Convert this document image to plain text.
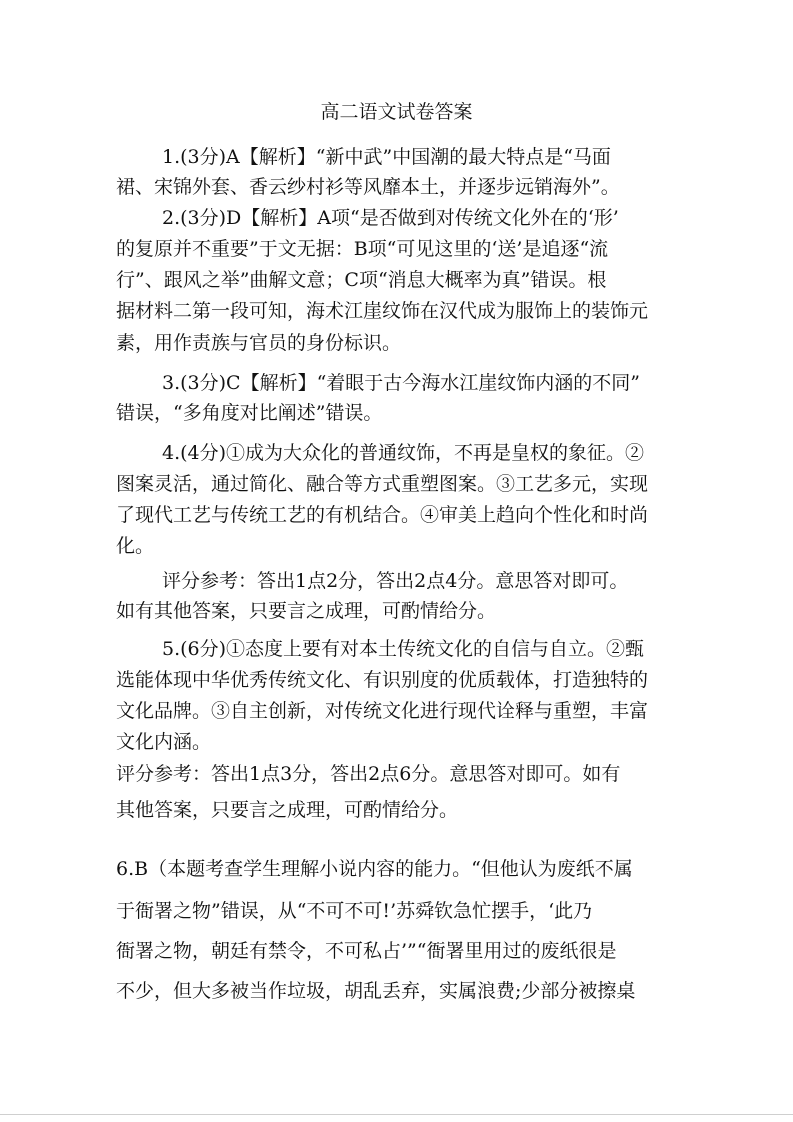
高二语文试卷答案
1.(3分)A【解析】“新中武”中国潮的最大特点是“马面
裙、宋锦外套、香云纱村衫等风靡本土，并逐步远销海外”。
2.(3分)D【解析】A项“是否做到对传统文化外在的‘形’
的复原并不重要”于文无据：B项“可见这里的‘送’是追逐“流
行”、跟风之举”曲解文意；C项“消息大概率为真”错误。根
据材料二第一段可知，海术江崖纹饰在汉代成为服饰上的装饰元
素，用作责族与官员的身份标识。
3.(3分)C【解析】“着眼于古今海水江崖纹饰内涵的不同”
错误，“多角度对比阐述”错误。
4.(4分)①成为大众化的普通纹饰，不再是皇权的象征。②
图案灵活，通过简化、融合等方式重塑图案。③工艺多元，实现
了现代工艺与传统工艺的有机结合。④审美上趋向个性化和时尚
化。
评分参考：答出1点2分，答出2点4分。意思答对即可。
如有其他答案，只要言之成理，可酌情给分。
5.(6分)①态度上要有对本土传统文化的自信与自立。②甄
选能体现中华优秀传统文化、有识别度的优质载体，打造独特的
文化品牌。③自主创新，对传统文化进行现代诠释与重塑，丰富
文化内涵。
评分参考：答出1点3分，答出2点6分。意思答对即可。如有
其他答案，只要言之成理，可酌情给分。
6.B（本题考查学生理解小说内容的能力。“但他认为废纸不属
于衙署之物”错误，从“不可不可!’苏舜钦急忙摆手，‘此乃
衙署之物，朝廷有禁令，不可私占’”“衙署里用过的废纸很是
不少，但大多被当作垃圾，胡乱丢弃，实属浪费;少部分被擦桌
